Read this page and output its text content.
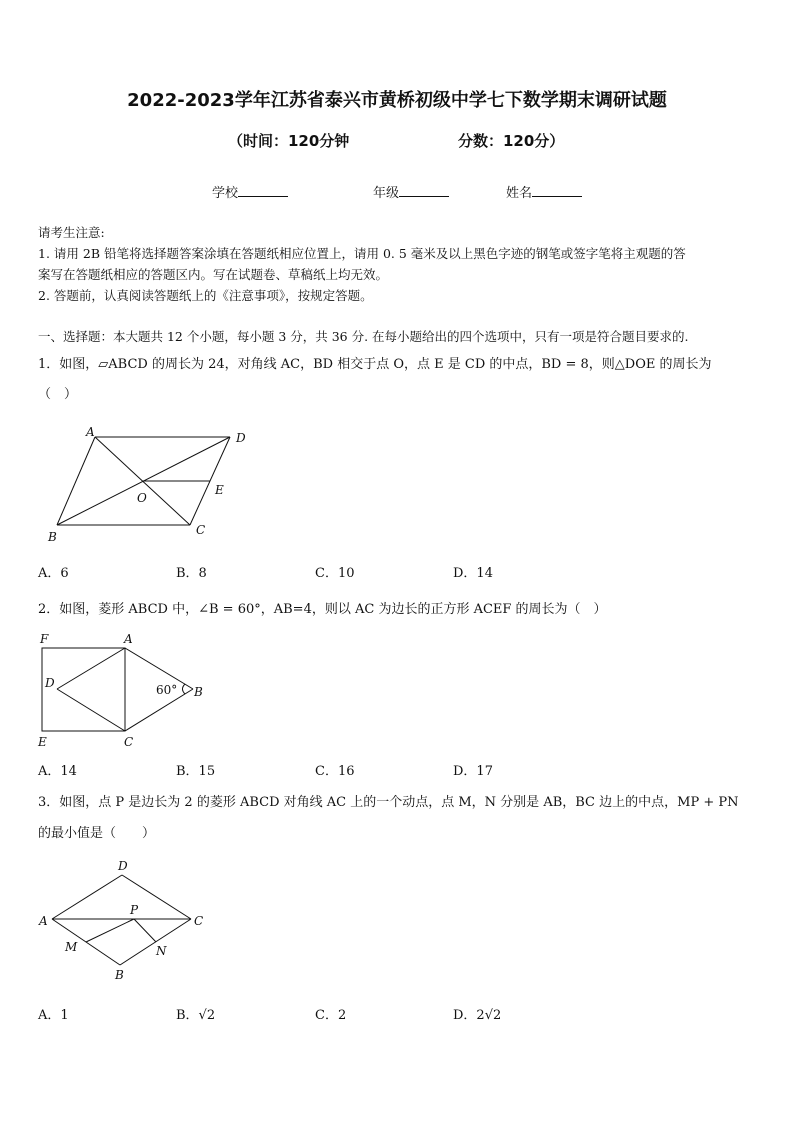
2022-2023学年江苏省泰兴市黄桥初级中学七下数学期末调研试题
（时间：120分钟	分数：120分）
学校	年级	姓名
请考生注意:
1. 请用 2B 铅笔将选择题答案涂填在答题纸相应位置上，请用 0. 5 毫米及以上黑色字迹的钢笔或签字笔将主观题的答
案写在答题纸相应的答题区内。写在试题卷、草稿纸上均无效。
2. 答题前，认真阅读答题纸上的《注意事项》，按规定答题。
一、选择题：本大题共 12 个小题，每小题 3 分，共 36 分. 在每小题给出的四个选项中，只有一项是符合题目要求的.
1．如图，▱ABCD 的周长为 24，对角线 AC，BD 相交于点 O，点 E 是 CD 的中点，BD = 8，则△DOE 的周长为
（　）
A	D
O
E
B	C
A．6	B．8	C．10	D．14
2．如图，菱形 ABCD 中，∠B = 60°，AB=4，则以 AC 为边长的正方形 ACEF 的周长为（　）
F	A
D	60° B
E	C
A．14	B．15	C．16	D．17
3．如图，点 P 是边长为 2 的菱形 ABCD 对角线 AC 上的一个动点，点 M，N 分别是 AB，BC 边上的中点，MP + PN
的最小值是（　　）
D
A
P
C
M	N
B
A．1	B．√2	C．2	D．2√2
